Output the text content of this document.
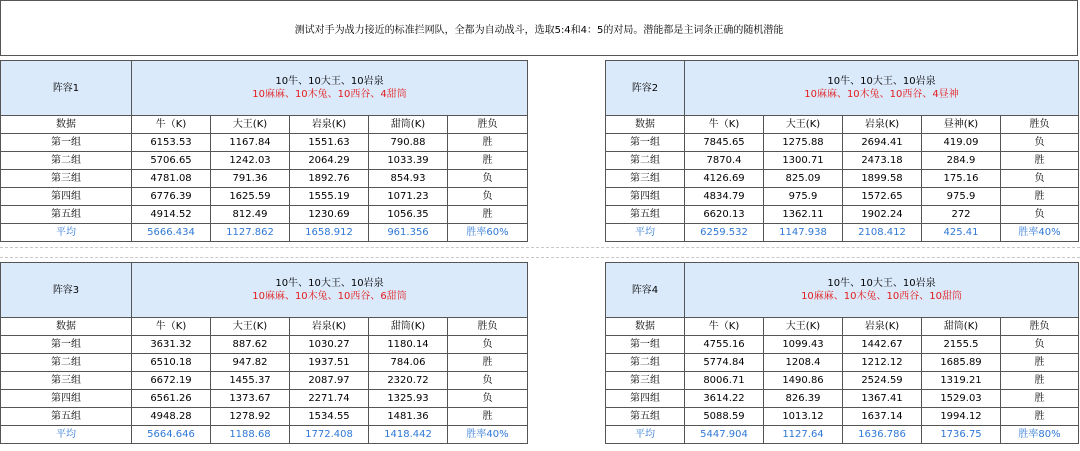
测试对手为战力接近的标准拦网队，全都为自动战斗，选取5:4和4：5的对局。潜能都是主词条正确的随机潜能
阵容1	10牛、10大王、10岩泉
10麻麻、10木兔、10西谷、4甜筒				

数据	牛（K)	大王(K)	岩泉(K)	甜筒(K)	胜负
第一组	6153.53	1167.84	1551.63	790.88	胜
第二组	5706.65	1242.03	2064.29	1033.39	胜
第三组	4781.08	791.36	1892.76	854.93	负
第四组	6776.39	1625.59	1555.19	1071.23	负
第五组	4914.52	812.49	1230.69	1056.35	胜
平均	5666.434	1127.862	1658.912	961.356	胜率60%
阵容2	10牛、10大王、10岩泉
10麻麻、10木兔、10西谷、4昼神				

数据	牛（K)	大王(K)	岩泉(K)	昼神(K)	胜负
第一组	7845.65	1275.88	2694.41	419.09	负
第二组	7870.4	1300.71	2473.18	284.9	胜
第三组	4126.69	825.09	1899.58	175.16	负
第四组	4834.79	975.9	1572.65	975.9	胜
第五组	6620.13	1362.11	1902.24	272	负
平均	6259.532	1147.938	2108.412	425.41	胜率40%
阵容3	10牛、10大王、10岩泉
10麻麻、10木兔、10西谷、6甜筒				

数据	牛（K)	大王(K)	岩泉(K)	甜筒(K)	胜负
第一组	3631.32	887.62	1030.27	1180.14	负
第二组	6510.18	947.82	1937.51	784.06	胜
第三组	6672.19	1455.37	2087.97	2320.72	负
第四组	6561.26	1373.67	2271.74	1325.93	负
第五组	4948.28	1278.92	1534.55	1481.36	胜
平均	5664.646	1188.68	1772.408	1418.442	胜率40%
阵容4	10牛、10大王、10岩泉
10麻麻、10木兔、10西谷、10甜筒				

数据	牛（K)	大王(K)	岩泉(K)	甜筒(K)	胜负
第一组	4755.16	1099.43	1442.67	2155.5	负
第二组	5774.84	1208.4	1212.12	1685.89	胜
第三组	8006.71	1490.86	2524.59	1319.21	胜
第四组	3614.22	826.39	1367.41	1529.03	胜
第五组	5088.59	1013.12	1637.14	1994.12	胜
平均	5447.904	1127.64	1636.786	1736.75	胜率80%
